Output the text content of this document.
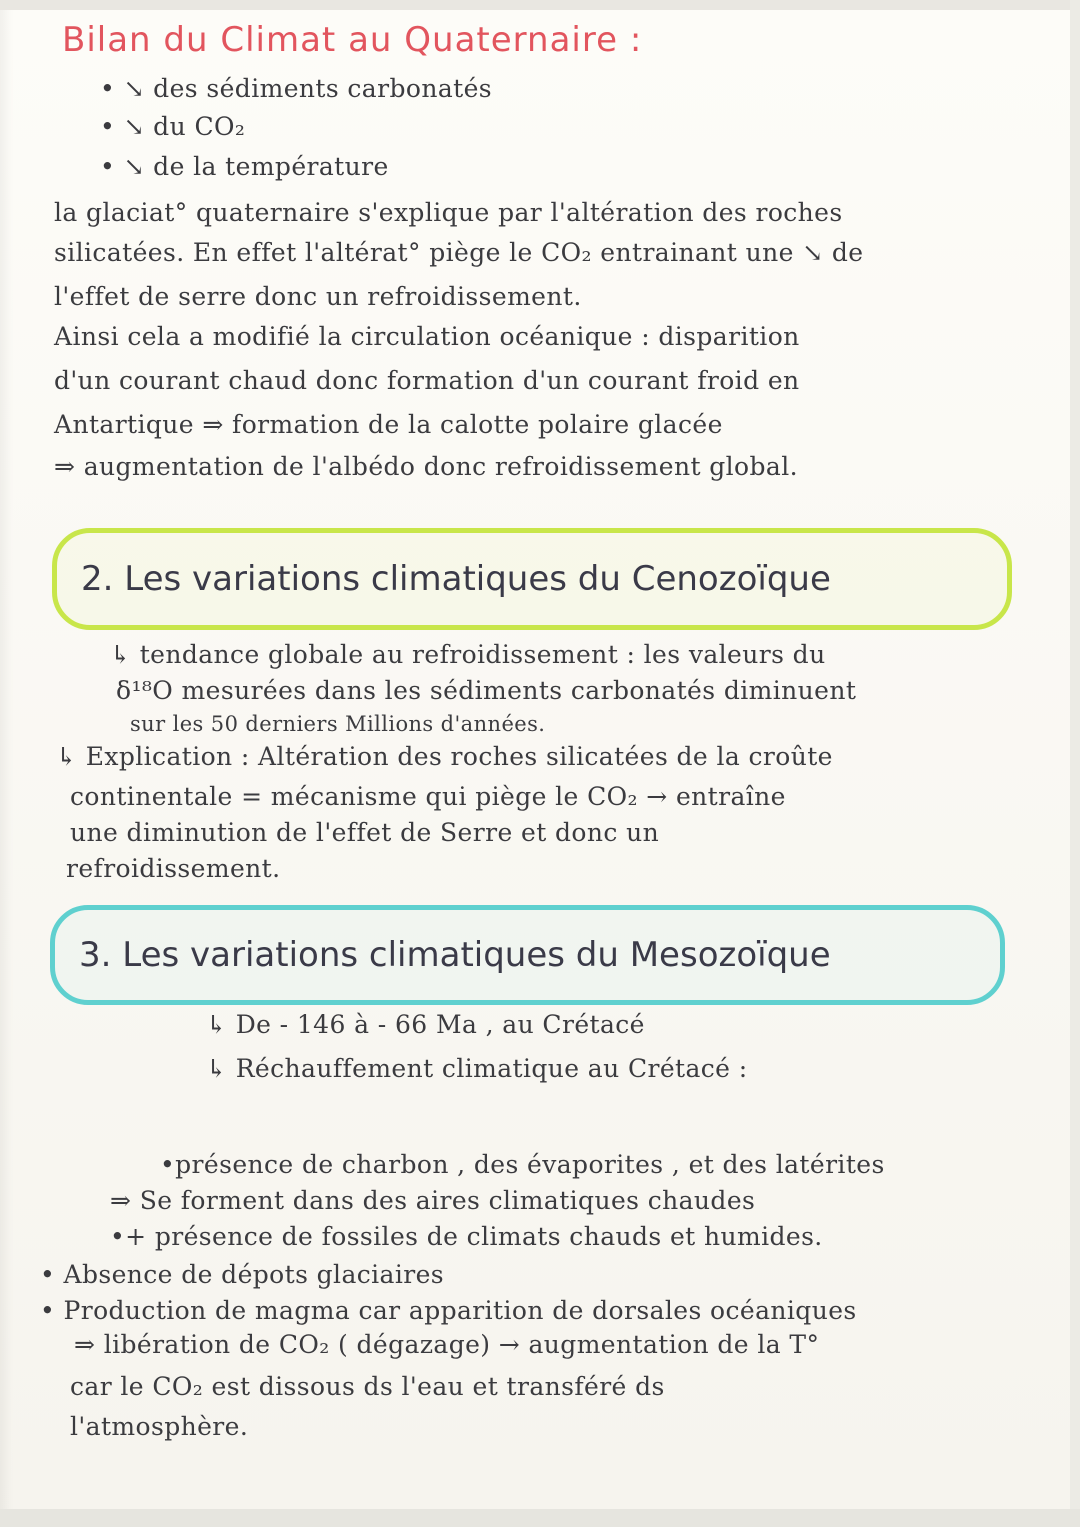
Bilan du Climat au Quaternaire :
• ↘ des sédiments carbonatés
• ↘ du CO₂
• ↘ de la température
la glaciat° quaternaire s'explique par l'altération des roches
silicatées. En effet l'altérat° piège le CO₂ entrainant une ↘ de
l'effet de serre donc un refroidissement.
Ainsi cela a modifié la circulation océanique : disparition
d'un courant chaud donc formation d'un courant froid en
Antartique ⇒ formation de la calotte polaire glacée
⇒ augmentation de l'albédo donc refroidissement global.
2. Les variations climatiques du Cenozoïque
↳ tendance globale au refroidissement : les valeurs du
δ¹⁸O mesurées dans les sédiments carbonatés diminuent
sur les 50 derniers Millions d'années.
↳ Explication : Altération des roches silicatées de la croûte
continentale = mécanisme qui piège le CO₂ → entraîne
une diminution de l'effet de Serre et donc un
refroidissement.
3. Les variations climatiques du Mesozoïque
↳ De - 146 à - 66 Ma , au Crétacé
↳ Réchauffement climatique au Crétacé :
•présence de charbon , des évaporites , et des latérites
⇒ Se forment dans des aires climatiques chaudes
•+ présence de fossiles de climats chauds et humides.
• Absence de dépots glaciaires
• Production de magma car apparition de dorsales océaniques
⇒ libération de CO₂ ( dégazage) → augmentation de la T°
car le CO₂ est dissous ds l'eau et transféré ds
l'atmosphère.
